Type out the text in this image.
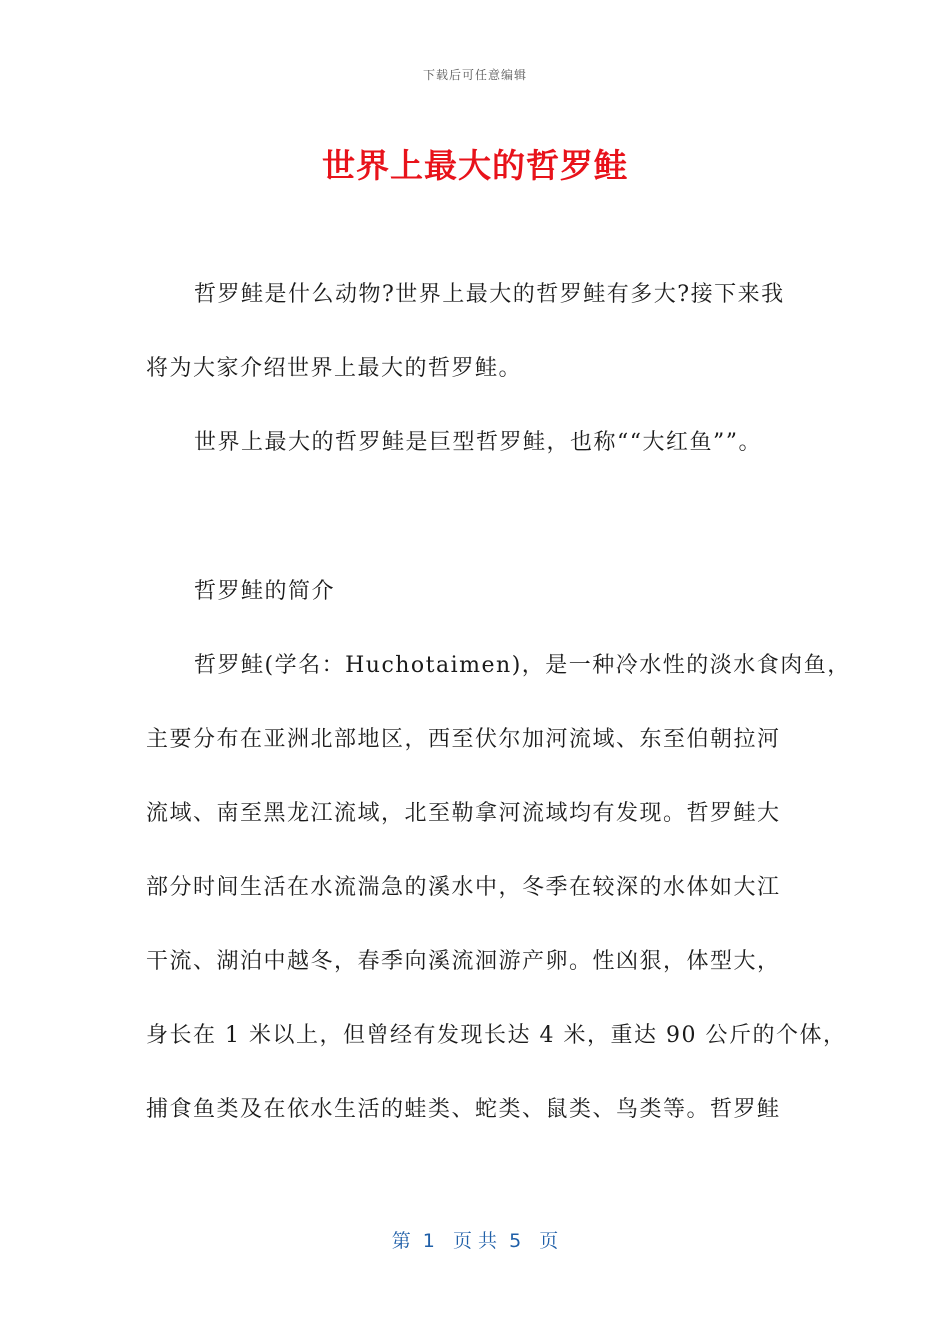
下载后可任意编辑
世界上最大的哲罗鲑
哲罗鲑是什么动物?世界上最大的哲罗鲑有多大?接下来我
将为大家介绍世界上最大的哲罗鲑。
世界上最大的哲罗鲑是巨型哲罗鲑，也称““大红鱼””。
哲罗鲑的简介
哲罗鲑(学名：Huchotaimen)，是一种冷水性的淡水食肉鱼，
主要分布在亚洲北部地区，西至伏尔加河流域、东至伯朝拉河
流域、南至黑龙江流域，北至勒拿河流域均有发现。哲罗鲑大
部分时间生活在水流湍急的溪水中，冬季在较深的水体如大江
干流、湖泊中越冬，春季向溪流洄游产卵。性凶狠，体型大，
身长在 1 米以上，但曾经有发现长达 4 米，重达 90 公斤的个体，
捕食鱼类及在依水生活的蛙类、蛇类、鼠类、鸟类等。哲罗鲑
第  1   页 共  5   页
